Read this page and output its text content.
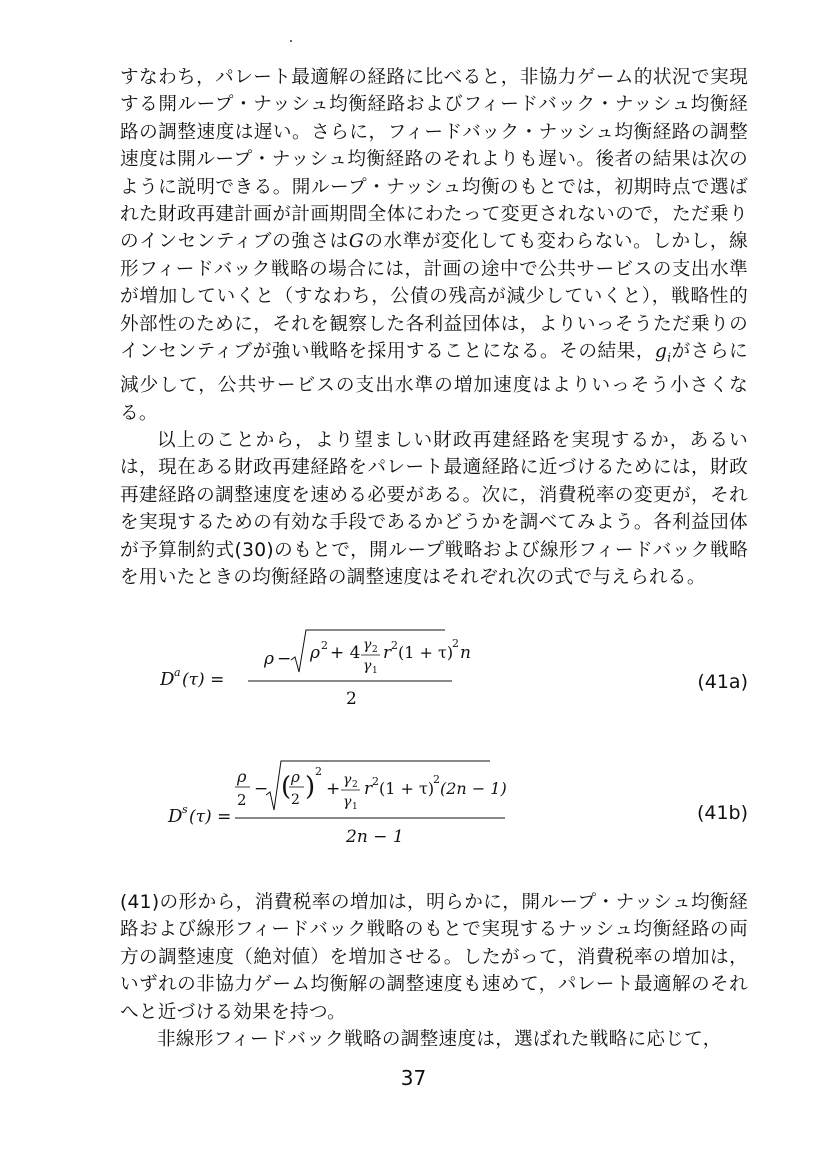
すなわち，パレート最適解の経路に比べると，非協力ゲーム的状況で実現する開ループ・ナッシュ均衡経路およびフィードバック・ナッシュ均衡経路の調整速度は遅い。さらに，フィードバック・ナッシュ均衡経路の調整速度は開ループ・ナッシュ均衡経路のそれよりも遅い。後者の結果は次のように説明できる。開ループ・ナッシュ均衡のもとでは，初期時点で選ばれた財政再建計画が計画期間全体にわたって変更されないので，ただ乗りのインセンティブの強さはGの水準が変化しても変わらない。しかし，線形フィードバック戦略の場合には，計画の途中で公共サービスの支出水準が増加していくと（すなわち，公債の残高が減少していくと），戦略性的外部性のために，それを観察した各利益団体は，よりいっそうただ乗りのインセンティブが強い戦略を採用することになる。その結果，$g_i$がさらに減少して，公共サービスの支出水準の増加速度はよりいっそう小さくなる。

以上のことから，より望ましい財政再建経路を実現するか，あるいは，現在ある財政再建経路をパレート最適経路に近づけるためには，財政再建経路の調整速度を速める必要がある。次に，消費税率の変更が，それを実現するための有効な手段であるかどうかを調べてみよう。各利益団体が予算制約式(30)のもとで，開ループ戦略および線形フィードバック戦略を用いたときの均衡経路の調整速度はそれぞれ次の式で与えられる。

D a (τ) =
ρ − ρ 2 + 4 γ 2
γ 1
r 2 (1 + τ)
2 n
2
(41a)
D s (τ) =
ρ
2
− ( ρ
2 )
2
+ γ 2
γ 1
r 2 (1 + τ)
2 (2n − 1)
2n − 1
(41b)

(41)の形から，消費税率の増加は，明らかに，開ループ・ナッシュ均衡経路および線形フィードバック戦略のもとで実現するナッシュ均衡経路の両方の調整速度（絶対値）を増加させる。したがって，消費税率の増加は，いずれの非協力ゲーム均衡解の調整速度も速めて，パレート最適解のそれへと近づける効果を持つ。

非線形フィードバック戦略の調整速度は，選ばれた戦略に応じて，

37
